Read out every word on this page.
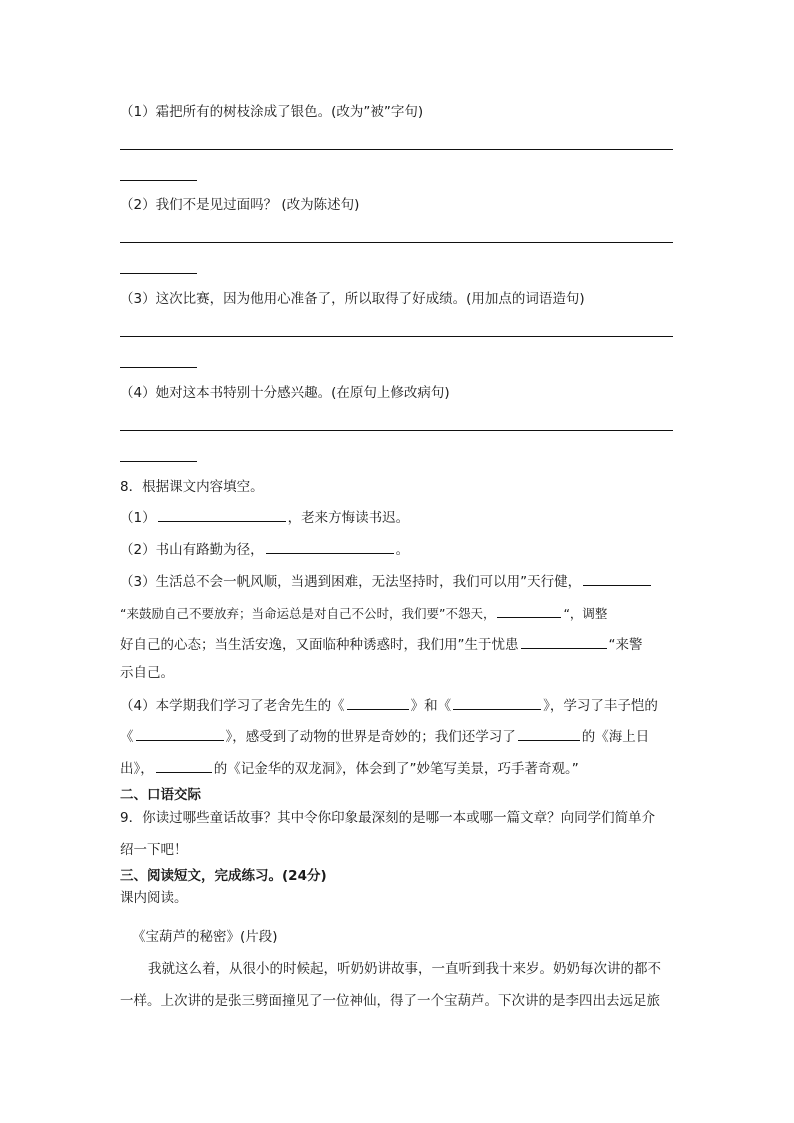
（1）霜把所有的树枝涂成了银色。(改为”被”字句)
（2）我们不是见过面吗？ (改为陈述句)
（3）这次比赛，因为他用心准备了，所以取得了好成绩。(用加点的词语造句)
（4）她对这本书特别十分感兴趣。(在原句上修改病句)
8．根据课文内容填空。
（1）	，老来方悔读书迟。
（2）书山有路勤为径，	。
（3）生活总不会一帆风顺，当遇到困难，无法坚持时，我们可以用”天行健，
“来鼓励自己不要放弃；当命运总是对自己不公时，我们要”不怨天，	“，调整
好自己的心态；当生活安逸，又面临种种诱惑时，我们用”生于忧患	“来警
示自己。
（4）本学期我们学习了老舍先生的《	》和《	》，学习了丰子恺的
《	》，感受到了动物的世界是奇妙的；我们还学习了	的《海上日
出》，	的《记金华的双龙洞》，体会到了”妙笔写美景，巧手著奇观。”
二、口语交际
9．你读过哪些童话故事？其中令你印象最深刻的是哪一本或哪一篇文章？向同学们简单介
绍一下吧！
三、阅读短文，完成练习。(24分)
课内阅读。
《宝葫芦的秘密》(片段)
我就这么着，从很小的时候起，听奶奶讲故事，一直听到我十来岁。奶奶每次讲的都不
一样。上次讲的是张三劈面撞见了一位神仙，得了一个宝葫芦。下次讲的是李四出去远足旅
